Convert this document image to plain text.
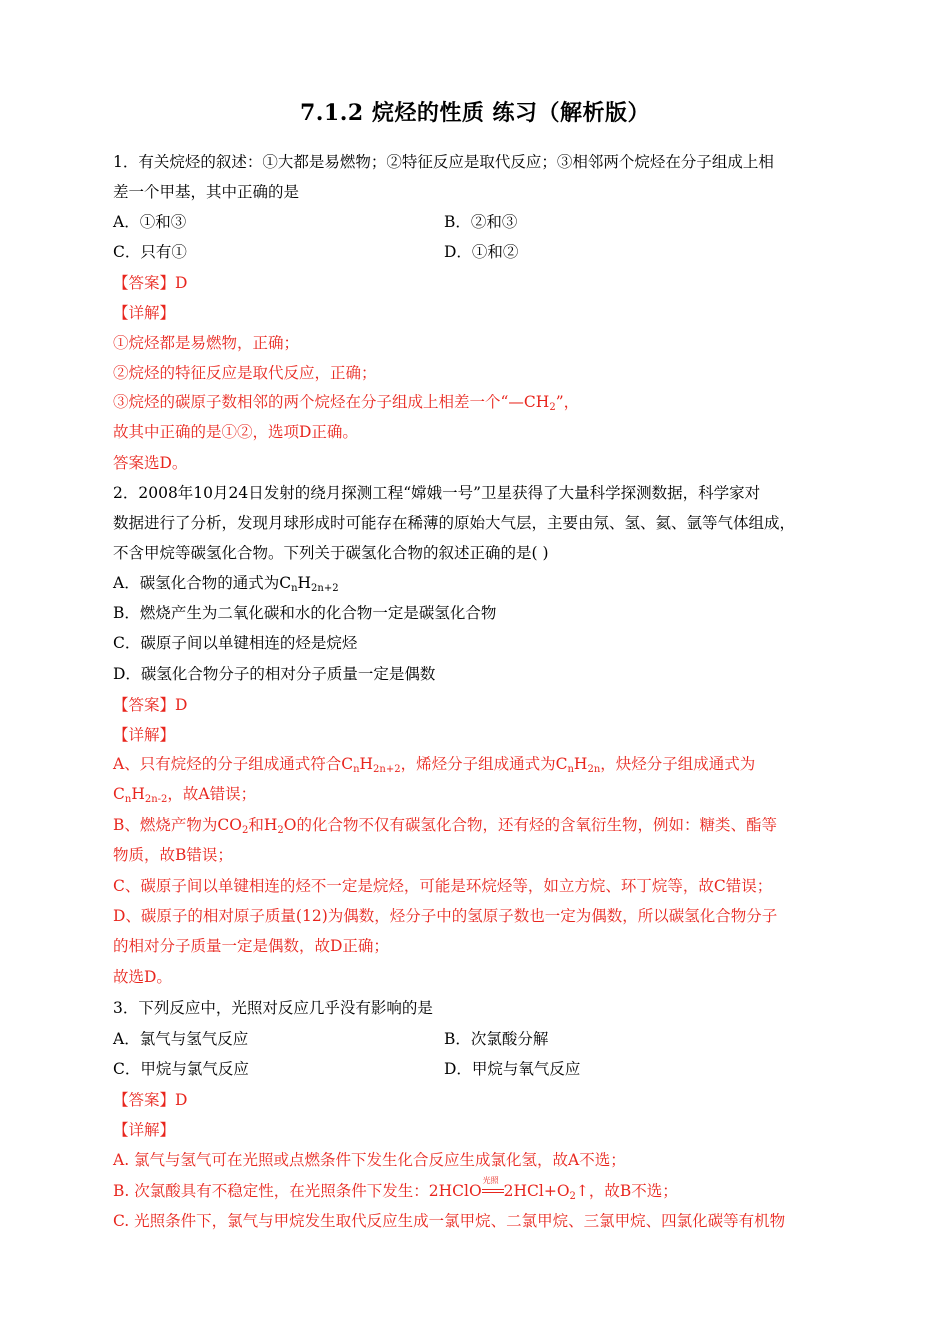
7.1.2 烷烃的性质 练习（解析版）
1．有关烷烃的叙述：①大都是易燃物；②特征反应是取代反应；③相邻两个烷烃在分子组成上相
差一个甲基，其中正确的是
A．①和③	B．②和③
C．只有①	D．①和②
【答案】D
【详解】
①烷烃都是易燃物，正确；
②烷烃的特征反应是取代反应，正确；
③烷烃的碳原子数相邻的两个烷烃在分子组成上相差一个“$—CH_2$”，
故其中正确的是①②，选项D正确。
答案选D。
2．2008年10月24日发射的绕月探测工程“嫦娥一号”卫星获得了大量科学探测数据，科学家对
数据进行了分析，发现月球形成时可能存在稀薄的原始大气层，主要由氖、氢、氦、氩等气体组成，
不含甲烷等碳氢化合物。下列关于碳氢化合物的叙述正确的是( )
A．碳氢化合物的通式为$C_nH_{2n+2}$
B．燃烧产生为二氧化碳和水的化合物一定是碳氢化合物
C．碳原子间以单键相连的烃是烷烃
D．碳氢化合物分子的相对分子质量一定是偶数
【答案】D
【详解】
A、只有烷烃的分子组成通式符合$C_nH_{2n+2}$，烯烃分子组成通式为$C_nH_{2n}$，炔烃分子组成通式为
$C_nH_{2n-2}$，故A错误；
B、燃烧产物为$CO_2$和$H_2O$的化合物不仅有碳氢化合物，还有烃的含氧衍生物，例如：糖类、酯等
物质，故B错误；
C、碳原子间以单键相连的烃不一定是烷烃，可能是环烷烃等，如立方烷、环丁烷等，故C错误；
D、碳原子的相对原子质量(12)为偶数，烃分子中的氢原子数也一定为偶数，所以碳氢化合物分子
的相对分子质量一定是偶数，故D正确；
故选D。
3．下列反应中，光照对反应几乎没有影响的是
A．氯气与氢气反应	B．次氯酸分解
C．甲烷与氯气反应	D．甲烷与氧气反应
【答案】D
【详解】
A. 氯气与氢气可在光照或点燃条件下发生化合反应生成氯化氢，故A不选；
B. 次氯酸具有不稳定性，在光照条件下发生：2HClO
光照
$2HCl+O_2↑$，故B不选；
C. 光照条件下，氯气与甲烷发生取代反应生成一氯甲烷、二氯甲烷、三氯甲烷、四氯化碳等有机物
